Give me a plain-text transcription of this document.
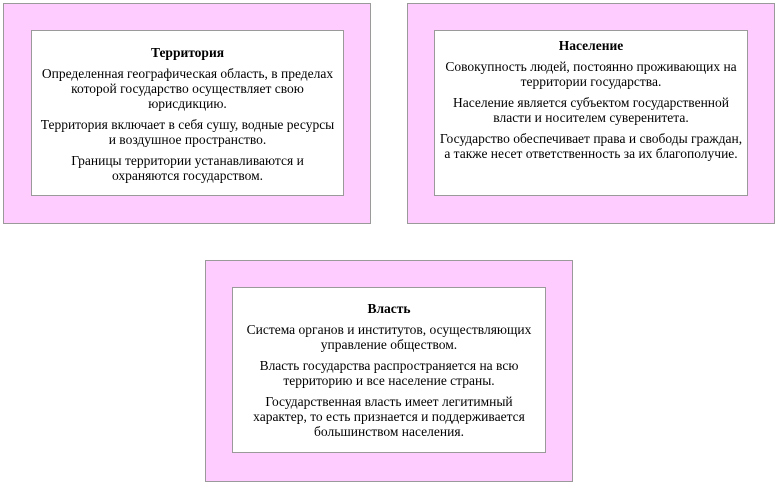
Территория

Определенная географическая область, в пределах которой государство осуществляет свою юрисдикцию.

Территория включает в себя сушу, водные ресурсы и воздушное пространство.

Границы территории устанавливаются и охраняются государством.

Население

Совокупность людей, постоянно проживающих на территории государства.

Население является субъектом государственной власти и носителем суверенитета.

Государство обеспечивает права и свободы граждан, а также несет ответственность за их благополучие.

Власть

Система органов и институтов, осуществляющих управление обществом.

Власть государства распространяется на всю территорию и все население страны.

Государственная власть имеет легитимный характер, то есть признается и поддерживается большинством населения.
